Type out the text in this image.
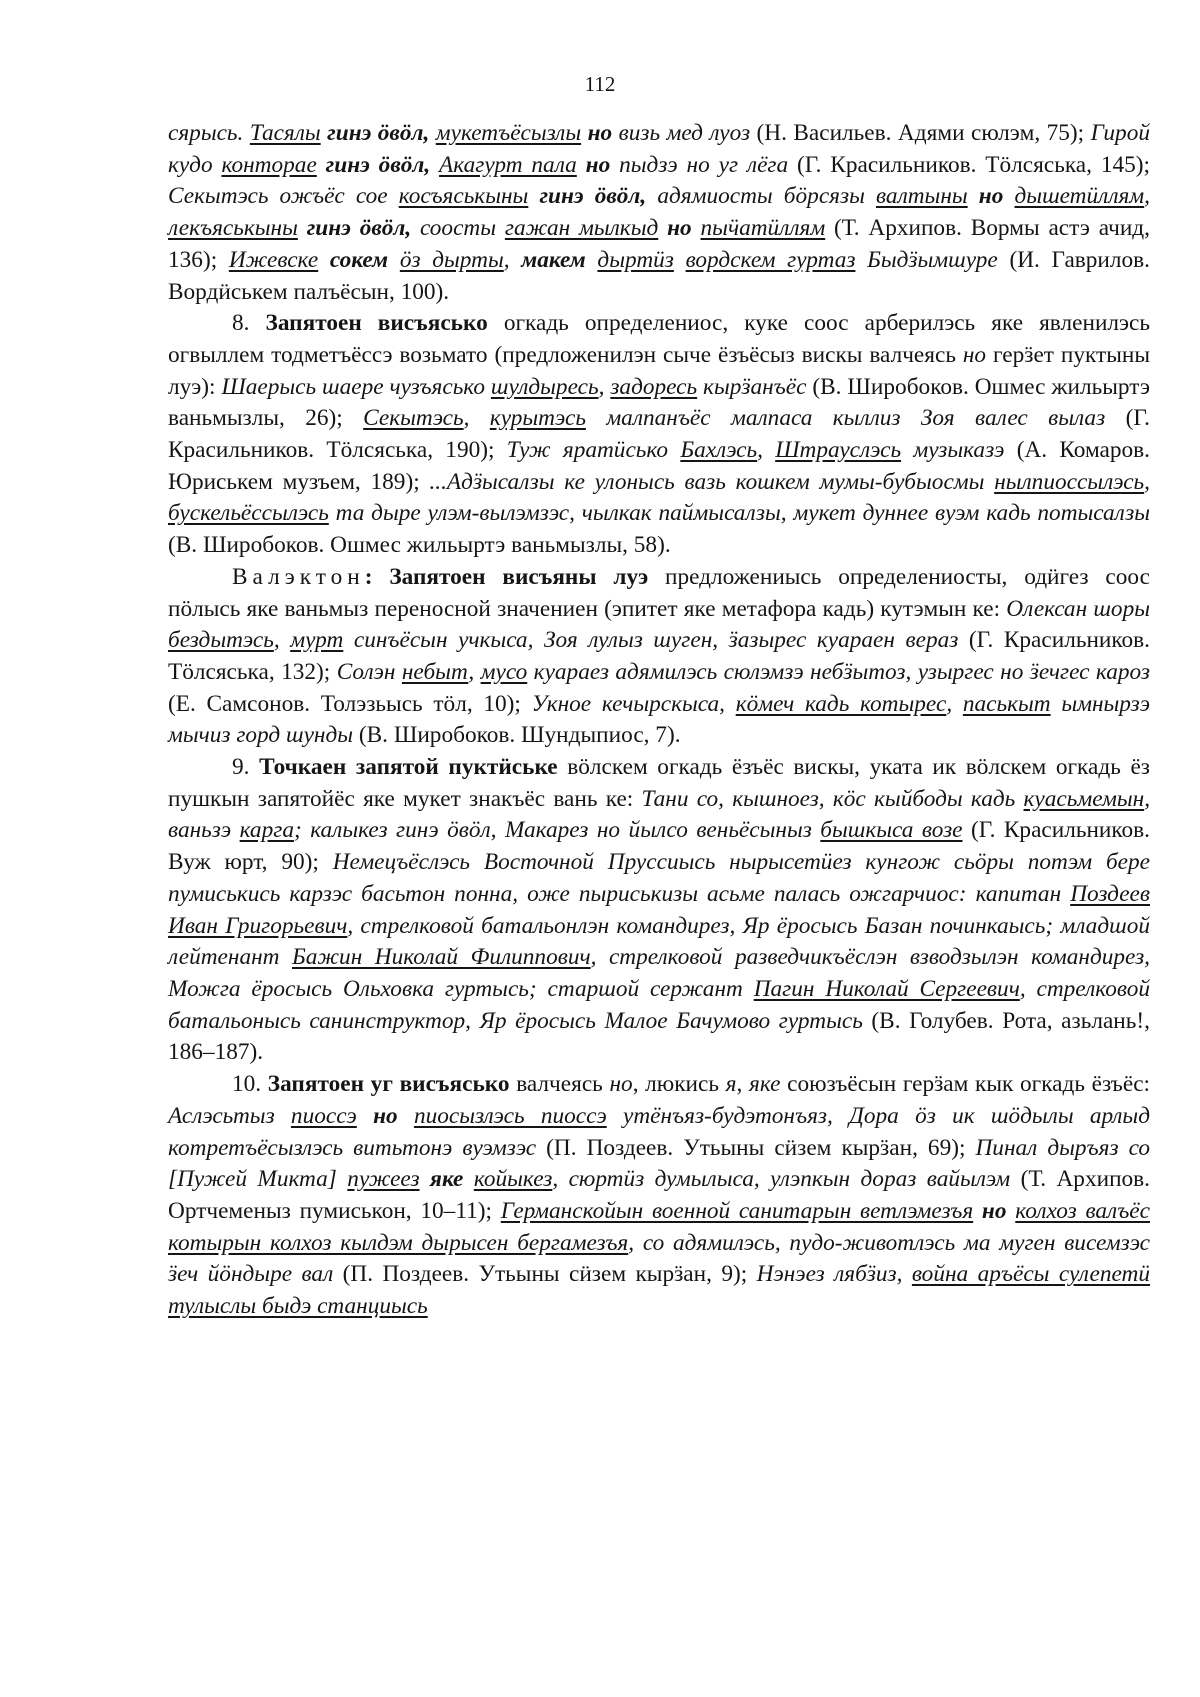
112

сярысь. Тасялы гинэ ӧвӧл, мукетъёсызлы но визь мед луоз (Н. Васильев. Адями сюлэм, 75); Гирой кудо конторае гинэ ӧвӧл, Акагурт пала но пыдзэ но уг лёга (Г. Красильников. Тӧлсяська, 145); Секытэсь ожъёс сое косъяськыны гинэ ӧвӧл, адямиосты бӧрсязы валтыны но дышетӥллям, лекъяськыны гинэ ӧвӧл, соосты гажан мылкыд но пыӵатӥллям (Т. Архипов. Вормы астэ ачид, 136); Ижевске сокем ӧз дырты, макем дыртӥз вордскем гуртаз Быдӟымшуре (И. Гаврилов. Вордӥськем палъёсын, 100).

8. Запятоен висъясько огкадь определениос, куке соос арберилэсь яке явленилэсь огвыллем тодметъёссэ возьмато (предложенилэн сыче ёзъёсыз вискы валчеясь но герӟет пуктыны луэ): Шаерысь шаере чузъясько шулдыресь, задоресь кырӟанъёс (В. Широбоков. Ошмес жильыртэ ваньмызлы, 26); Секытэсь, курытэсь малпанъёс малпаса кыллиз Зоя валес вылаз (Г. Красильников. Тӧлсяська, 190); Туж яратӥсько Бахлэсь, Штрауслэсь музыказэ (А. Комаров. Юриськем музъем, 189); ...Адӟысалзы ке улонысь вазь кошкем мумы-бубыосмы нылпиоссылэсь, бускельёссылэсь та дыре улэм-вылэмзэс, чылкак паймысалзы, мукет дуннее вуэм кадь потысалзы (В. Широбоков. Ошмес жильыртэ ваньмызлы, 58).

Валэктон: Запятоен висъяны луэ предложениысь определениосты, одӥгез соос пӧлысь яке ваньмыз переносной значениен (эпитет яке метафора кадь) кутэмын ке: Олексан шоры бездытэсь, мурт синъёсын учкыса, Зоя лулыз шуген, ӟазырес куараен вераз (Г. Красильников. Тӧлсяська, 132); Солэн небыт, мусо куараез адямилэсь сюлэмзэ небӟытоз, узыргес но ӟечгес кароз (Е. Самсонов. Толэзьысь тӧл, 10); Укное кечырскыса, кӧмеч кадь котырес, паськыт ымнырзэ мычиз горд шунды (В. Широбоков. Шундыпиос, 7).

9. Точкаен запятой пуктӥське вӧлскем огкадь ёзъёс вискы, уката ик вӧлскем огкадь ёз пушкын запятойёс яке мукет знакъёс вань ке: Тани со, кышноез, кӧс кыйбоды кадь куасьмемын, ваньзэ карга; калыкез гинэ ӧвӧл, Макарез но йылсо веньёсыныз бышкыса возе (Г. Красильников. Вуж юрт, 90); Немецъёслэсь Восточной Пруссиысь нырысетӥез кунгож сьӧры потэм бере пумиськись карзэс басьтон понна, оже пыриськизы асьме палась ожгарчиос: капитан Поздеев Иван Григорьевич, стрелковой батальонлэн командирез, Яр ёросысь Базан починкаысь; младшой лейтенант Бажин Николай Филиппович, стрелковой разведчикъёслэн взводзылэн командирез, Можга ёросысь Ольховка гуртысь; старшой сержант Пагин Николай Сергеевич, стрелковой батальонысь санинструктор, Яр ёросысь Малое Бачумово гуртысь (В. Голубев. Рота, азьлань!, 186–187).

10. Запятоен уг висъясько валчеясь но, люкись я, яке союзъёсын герӟам кык огкадь ёзъёс: Аслэсьтыз пиоссэ но пиосызлэсь пиоссэ утёнъяз-будэтонъяз, Дора ӧз ик шӧдылы арлыд котретъёсызлэсь витьтонэ вуэмзэс (П. Поздеев. Утьыны сӥзем кырӟан, 69); Пинал дыръяз со [Пужей Микта] пужеез яке койыкез, сюртӥз думылыса, улэпкын дораз вайылэм (Т. Архипов. Ортчеменыз пумиськон, 10–11); Германскойын военной санитарын ветлэмезъя но колхоз валъёс котырын колхоз кылдэм дырысен бергамезъя, со адямилэсь, пудо-животлэсь ма муген висемзэс ӟеч йӧндыре вал (П. Поздеев. Утьыны сӥзем кырӟан, 9); Нэнэез лябӟиз, война аръёсы сулепетӥ тулыслы быдэ станциысь
